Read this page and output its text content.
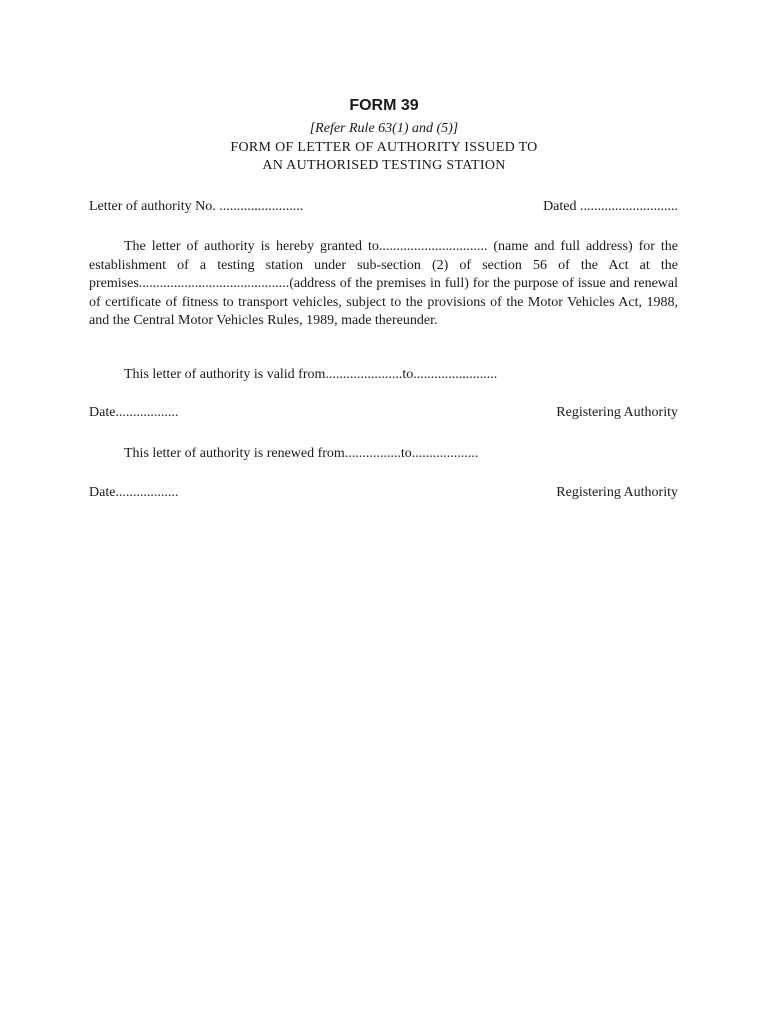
FORM 39
[Refer Rule 63(1) and (5)]
FORM OF LETTER OF AUTHORITY ISSUED TO
AN AUTHORISED TESTING STATION
Letter of authority No. ........................	Dated ............................

The letter of authority is hereby granted to............................... (name and full address) for the establishment of a testing station under sub-section (2) of section 56 of the Act at the premises...........................................(address of the premises in full) for the purpose of issue and renewal of certificate of fitness to transport vehicles, subject to the provisions of the Motor Vehicles Act, 1988, and the Central Motor Vehicles Rules, 1989, made thereunder.

This letter of authority is valid from......................to........................

Date..................	Registering Authority

This letter of authority is renewed from................to...................

Date..................	Registering Authority
